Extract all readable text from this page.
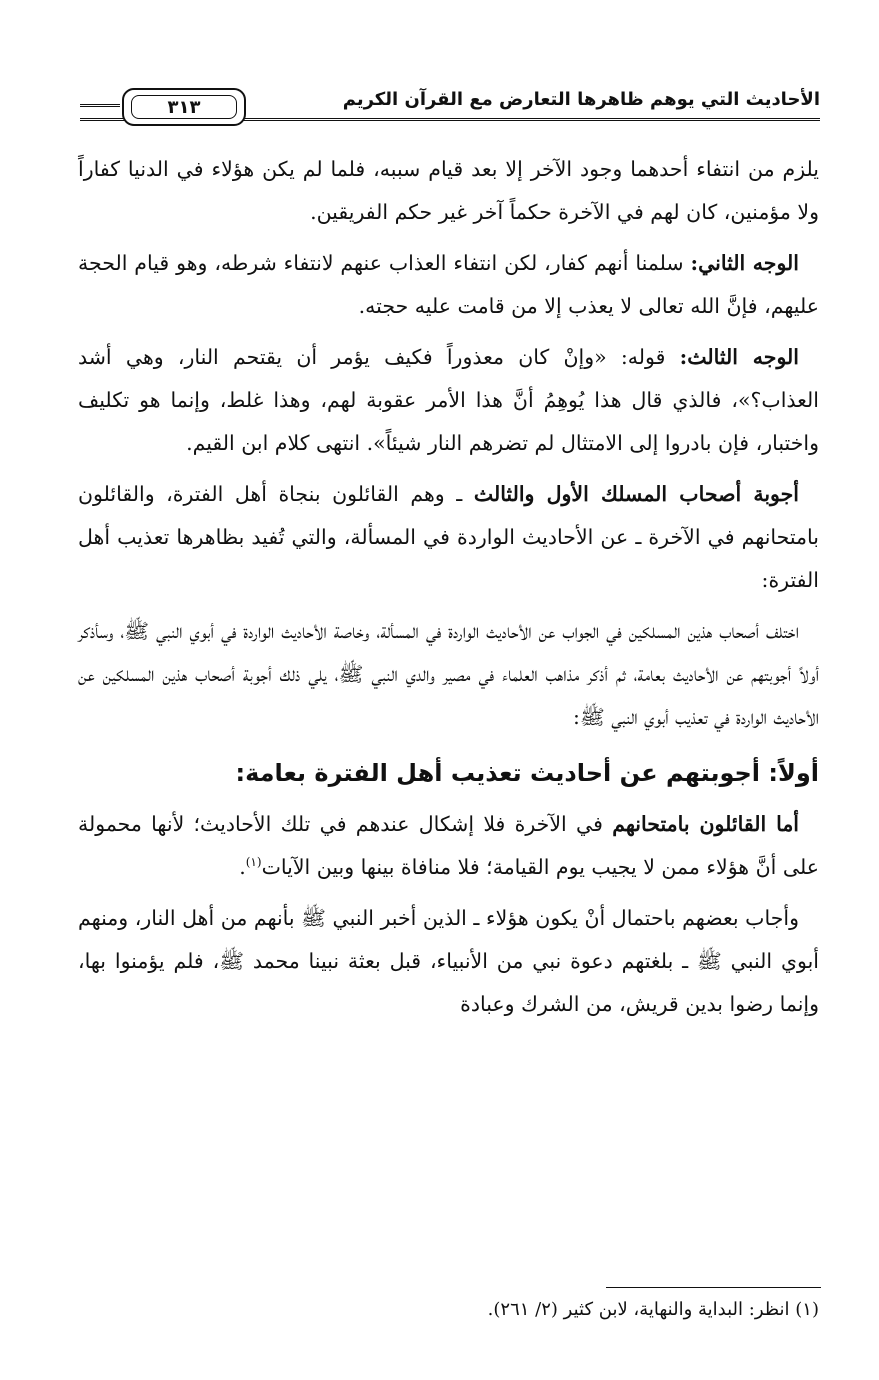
٣١٣	الأحاديث التي يوهم ظاهرها التعارض مع القرآن الكريم

يلزم من انتفاء أحدهما وجود الآخر إلا بعد قيام سببه، فلما لم يكن هؤلاء في الدنيا كفاراً ولا مؤمنين، كان لهم في الآخرة حكماً آخر غير حكم الفريقين.

الوجه الثاني: سلمنا أنهم كفار، لكن انتفاء العذاب عنهم لانتفاء شرطه، وهو قيام الحجة عليهم، فإنَّ الله تعالى لا يعذب إلا من قامت عليه حجته.

الوجه الثالث: قوله: «وإنْ كان معذوراً فكيف يؤمر أن يقتحم النار، وهي أشد العذاب؟»، فالذي قال هذا يُوهِمُ أنَّ هذا الأمر عقوبة لهم، وهذا غلط، وإنما هو تكليف واختبار، فإن بادروا إلى الامتثال لم تضرهم النار شيئاً». انتهى كلام ابن القيم.

أجوبة أصحاب المسلك الأول والثالث ـ وهم القائلون بنجاة أهل الفترة، والقائلون بامتحانهم في الآخرة ـ عن الأحاديث الواردة في المسألة، والتي تُفيد بظاهرها تعذيب أهل الفترة:

اختلف أصحاب هذين المسلكين في الجواب عن الأحاديث الواردة في المسألة، وخاصة الأحاديث الواردة في أبوي النبي ﷺ، وسأذكر أولاً أجوبتهم عن الأحاديث بعامة، ثم أذكر مذاهب العلماء في مصير والدي النبي ﷺ، يلي ذلك أجوبة أصحاب هذين المسلكين عن الأحاديث الواردة في تعذيب أبوي النبي ﷺ:

أولاً: أجوبتهم عن أحاديث تعذيب أهل الفترة بعامة:

أما القائلون بامتحانهم في الآخرة فلا إشكال عندهم في تلك الأحاديث؛ لأنها محمولة على أنَّ هؤلاء ممن لا يجيب يوم القيامة؛ فلا منافاة بينها وبين الآيات$^{(١)}$.

وأجاب بعضهم باحتمال أنْ يكون هؤلاء ـ الذين أخبر النبي ﷺ بأنهم من أهل النار، ومنهم أبوي النبي ﷺ ـ بلغتهم دعوة نبي من الأنبياء، قبل بعثة نبينا محمد ﷺ، فلم يؤمنوا بها، وإنما رضوا بدين قريش، من الشرك وعبادة

(١) انظر: البداية والنهاية، لابن كثير (٢/ ٢٦١).
